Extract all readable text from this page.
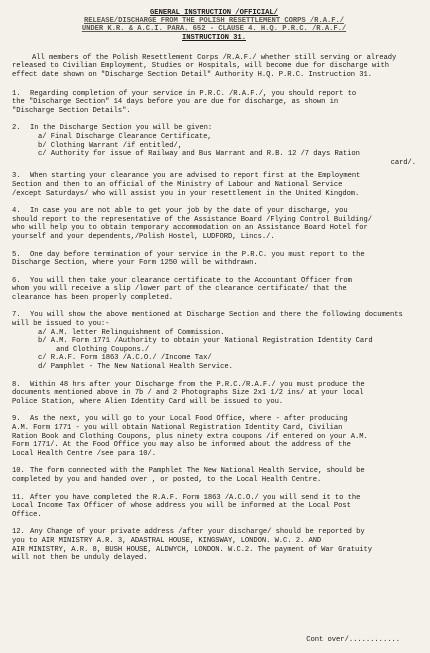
GENERAL INSTRUCTION /OFFICIAL/
RELEASE/DISCHARGE FROM THE POLISH RESETTLEMENT CORPS /R.A.F./
UNDER K.R. & A.C.I. PARA. 652 - CLAUSE 4. H.Q. P.R.C. /R.A.F./
INSTRUCTION 31.

All members of the Polish Resettlement Corps /R.A.F./ whether still serving or already released to Civilian Employment, Studies or Hospitals, will become due for discharge with effect date shown on "Discharge Section Detail" Authority H.Q. P.R.C. Instruction 31.

1. Regarding completion of your service in P.R.C. /R.A.F./, you should report to
the "Discharge Section" 14 days before you are due for discharge, as shown in
"Discharge Section Details".
2. In the Discharge Section you will be given:
a/ Final Discharge Clearance Certificate,
b/ Clothing Warrant /if entitled/,
c/ Authority for issue of Railway and Bus Warrant and R.B. 12 /7 days Ration
card/.
3. When starting your clearance you are advised to report first at the Employment
Section and then to an official of the Ministry of Labour and National Service
/except Saturdays/ who will assist you in your resettlement in the United Kingdom.
4. In case you are not able to get your job by the date of your discharge, you
should report to the representative of the Assistance Board /Flying Control Building/
who will help you to obtain temporary accommodation on an Assistance Board Hotel for
yourself and your dependents,/Polish Hostel, LUDFORD, Lincs./.
5. One day before termination of your service in the P.R.C. you must report to the
Discharge Section, where your Form 1250 will be withdrawn.
6. You will then take your clearance certificate to the Accountant Officer from
whom you will receive a slip /lower part of the clearance certificate/ that the
clearance has been properly completed.
7. You will show the above mentioned at Discharge Section and there the following documents will be issued to you:-
a/ A.M. letter Relinquishment of Commission.
b/ A.M. Form 1771 /Authority to obtain your National Registration Identity Card
and Clothing Coupons./
c/ R.A.F. Form 1863 /A.C.O./ /Income Tax/
d/ Pamphlet - The New National Health Service.
8. Within 48 hrs after your Discharge from the P.R.C./R.A.F./ you must produce the
documents mentioned above in 7b / and 2 Photographs Size 2x1 1/2 ins/ at your local
Police Station, where Alien Identity Card will be issued to you.
9. As the next, you will go to your Local Food Office, where - after producing
A.M. Form 1771 - you will obtain National Registration Identity Card, Civilian
Ration Book and Clothing Coupons, plus ninety extra coupons /if entered on your A.M.
Form 1771/. At the Food Office you may also be informed about the address of the
Local Health Centre /see para 10/.
10. The form connected with the Pamphlet The New National Health Service, should be
completed by you and handed over , or posted, to the Local Health Centre.
11. After you have completed the R.A.F. Form 1863 /A.C.O./ you will send it to the
Local Income Tax Officer of whose address you will be informed at the Local Post
Office.
12. Any Change of your private address /after your discharge/ should be reported by
you to AIR MINISTRY A.R. 3, ADASTRAL HOUSE, KINGSWAY, LONDON. W.C. 2. AND
AIR MINISTRY, A.R. 8, BUSH HOUSE, ALDWYCH, LONDON. W.C.2. The payment of War Gratuity
will not then be unduly delayed.
Cont over/............
